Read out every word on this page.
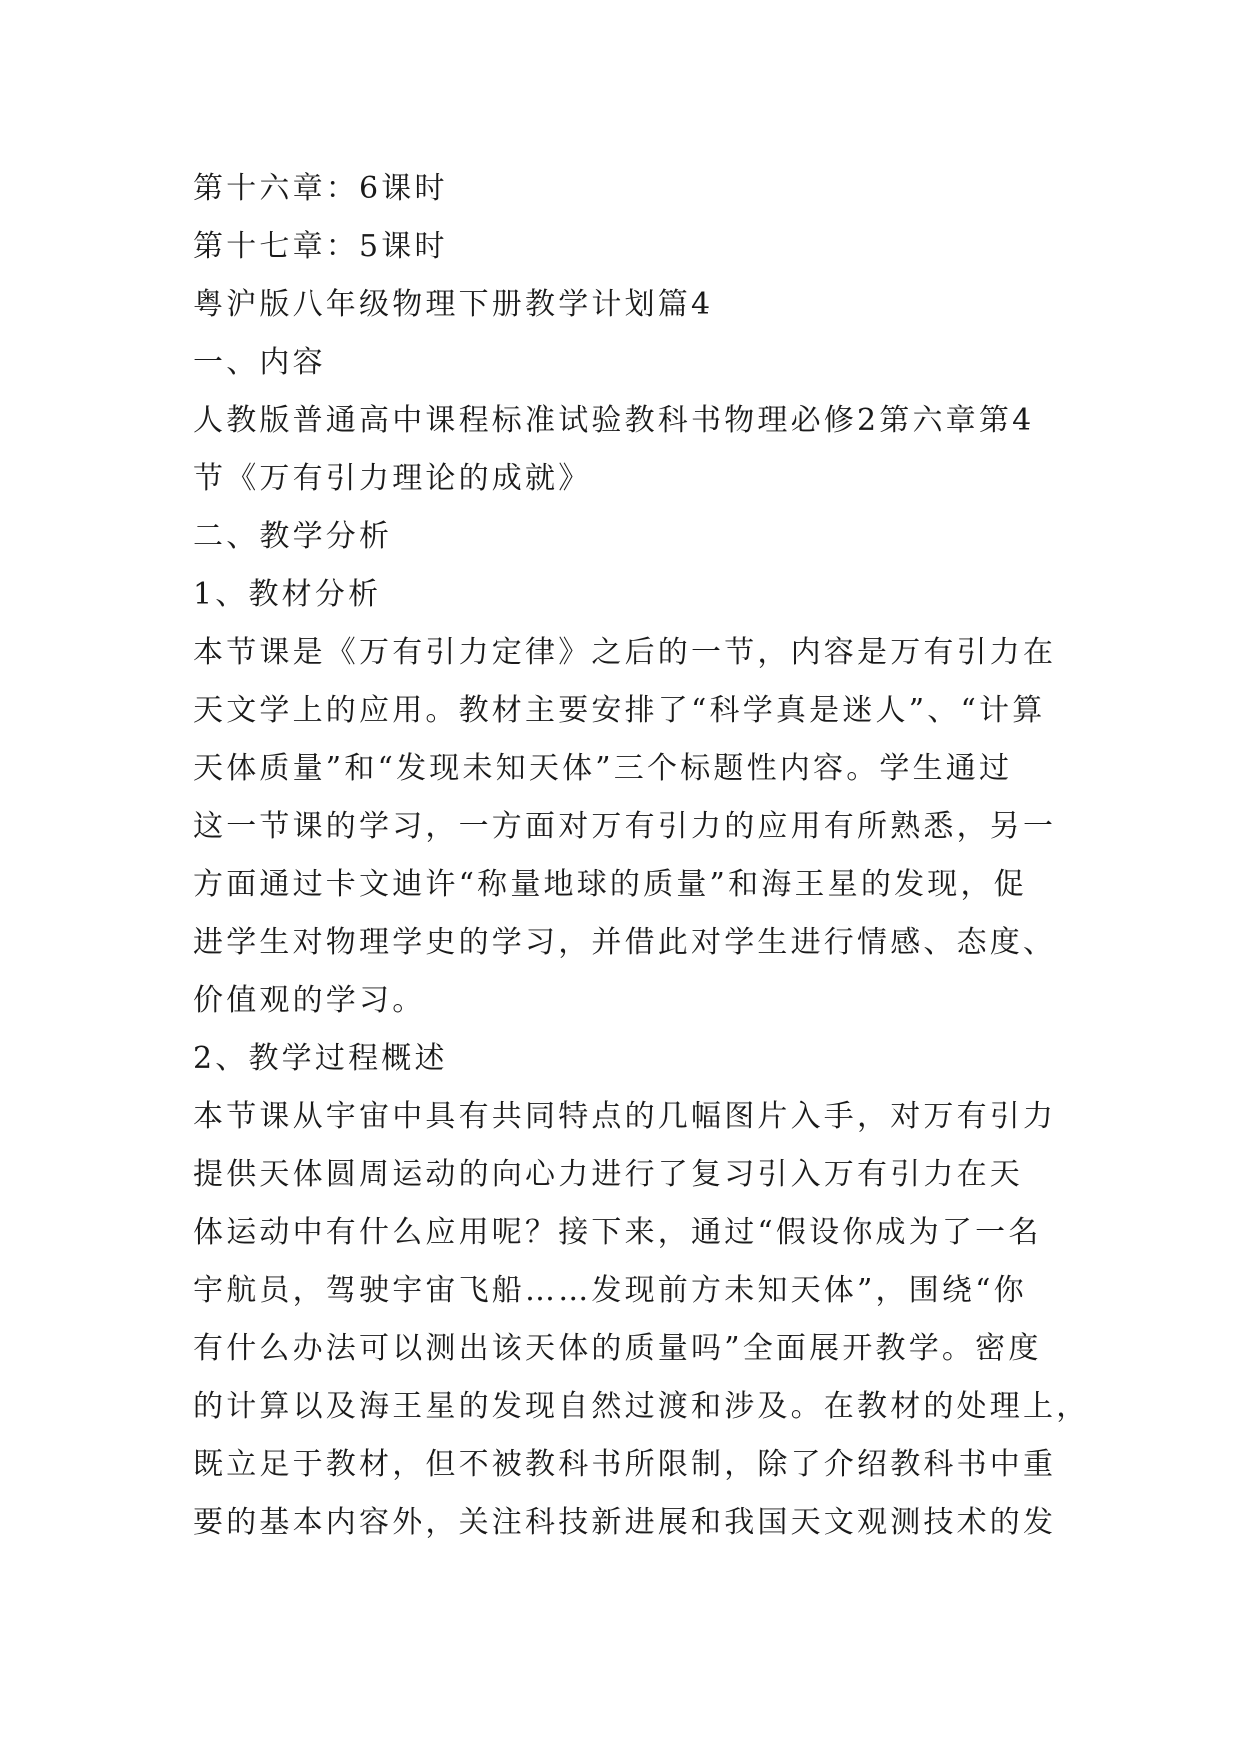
第十六章：6课时
第十七章：5课时
粤沪版八年级物理下册教学计划篇4
一、内容
人教版普通高中课程标准试验教科书物理必修2第六章第4
节《万有引力理论的成就》
二、教学分析
1、教材分析
本节课是《万有引力定律》之后的一节，内容是万有引力在
天文学上的应用。教材主要安排了“科学真是迷人”、“计算
天体质量”和“发现未知天体”三个标题性内容。学生通过
这一节课的学习，一方面对万有引力的应用有所熟悉，另一
方面通过卡文迪许“称量地球的质量”和海王星的发现，促
进学生对物理学史的学习，并借此对学生进行情感、态度、
价值观的学习。
2、教学过程概述
本节课从宇宙中具有共同特点的几幅图片入手，对万有引力
提供天体圆周运动的向心力进行了复习引入万有引力在天
体运动中有什么应用呢？接下来，通过“假设你成为了一名
宇航员，驾驶宇宙飞船……发现前方未知天体”，围绕“你
有什么办法可以测出该天体的质量吗”全面展开教学。密度
的计算以及海王星的发现自然过渡和涉及。在教材的处理上，
既立足于教材，但不被教科书所限制，除了介绍教科书中重
要的基本内容外，关注科技新进展和我国天文观测技术的发
